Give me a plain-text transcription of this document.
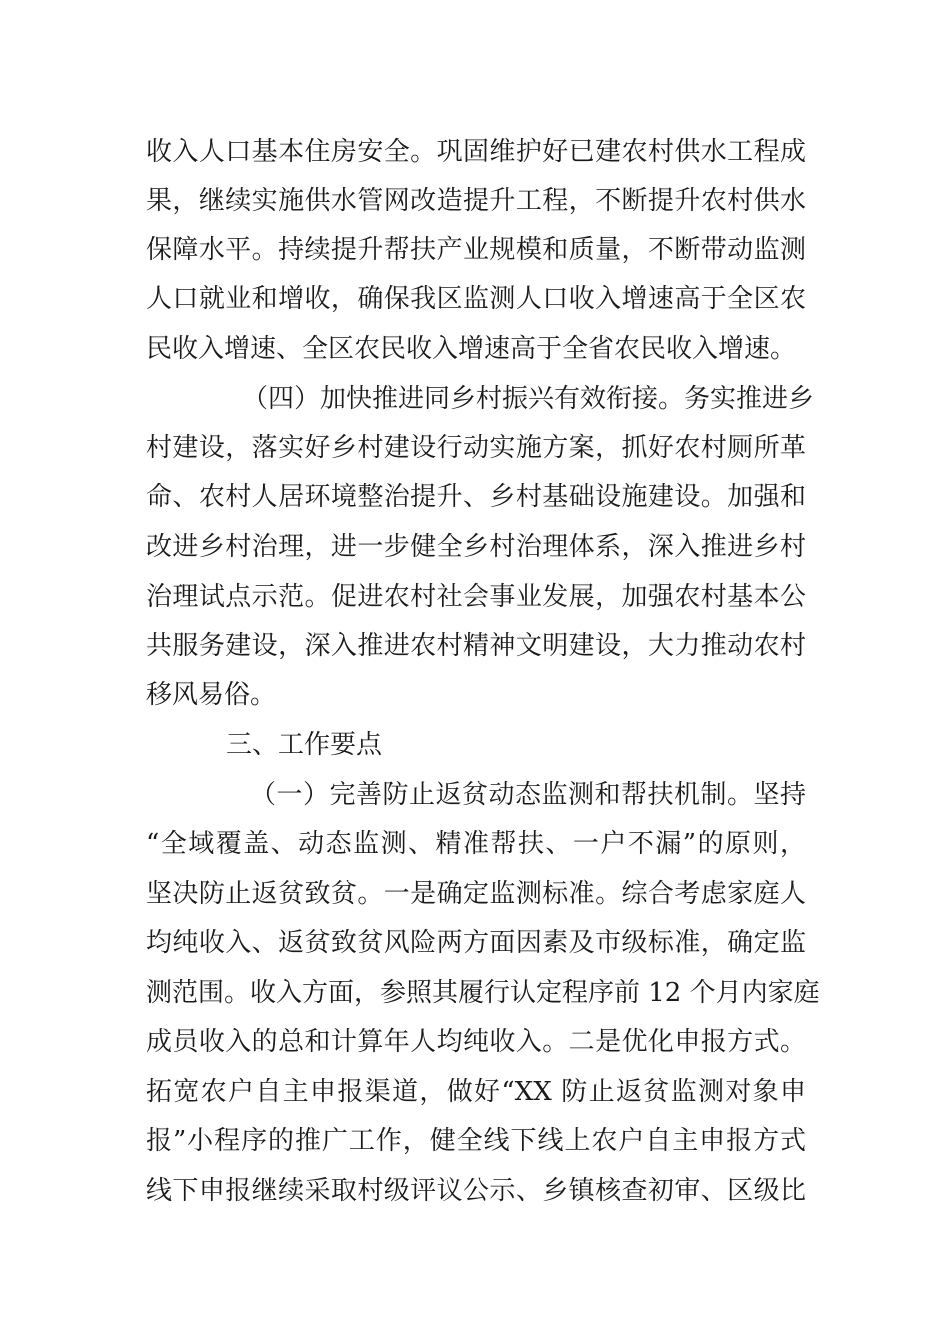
收入人口基本住房安全。巩固维护好已建农村供水工程成
果，继续实施供水管网改造提升工程，不断提升农村供水
保障水平。持续提升帮扶产业规模和质量，不断带动监测
人口就业和增收，确保我区监测人口收入增速高于全区农
民收入增速、全区农民收入增速高于全省农民收入增速。
（四）加快推进同乡村振兴有效衔接。务实推进乡
村建设，落实好乡村建设行动实施方案，抓好农村厕所革
命、农村人居环境整治提升、乡村基础设施建设。加强和
改进乡村治理，进一步健全乡村治理体系，深入推进乡村
治理试点示范。促进农村社会事业发展，加强农村基本公
共服务建设，深入推进农村精神文明建设，大力推动农村
移风易俗。
三、工作要点
（一）完善防止返贫动态监测和帮扶机制。坚持
“全域覆盖、动态监测、精准帮扶、一户不漏”的原则，
坚决防止返贫致贫。一是确定监测标准。综合考虑家庭人
均纯收入、返贫致贫风险两方面因素及市级标准，确定监
测范围。收入方面，参照其履行认定程序前 12 个月内家庭
成员收入的总和计算年人均纯收入。二是优化申报方式。
拓宽农户自主申报渠道，做好“XX 防止返贫监测对象申
报”小程序的推广工作，健全线下线上农户自主申报方式
线下申报继续采取村级评议公示、乡镇核查初审、区级比
